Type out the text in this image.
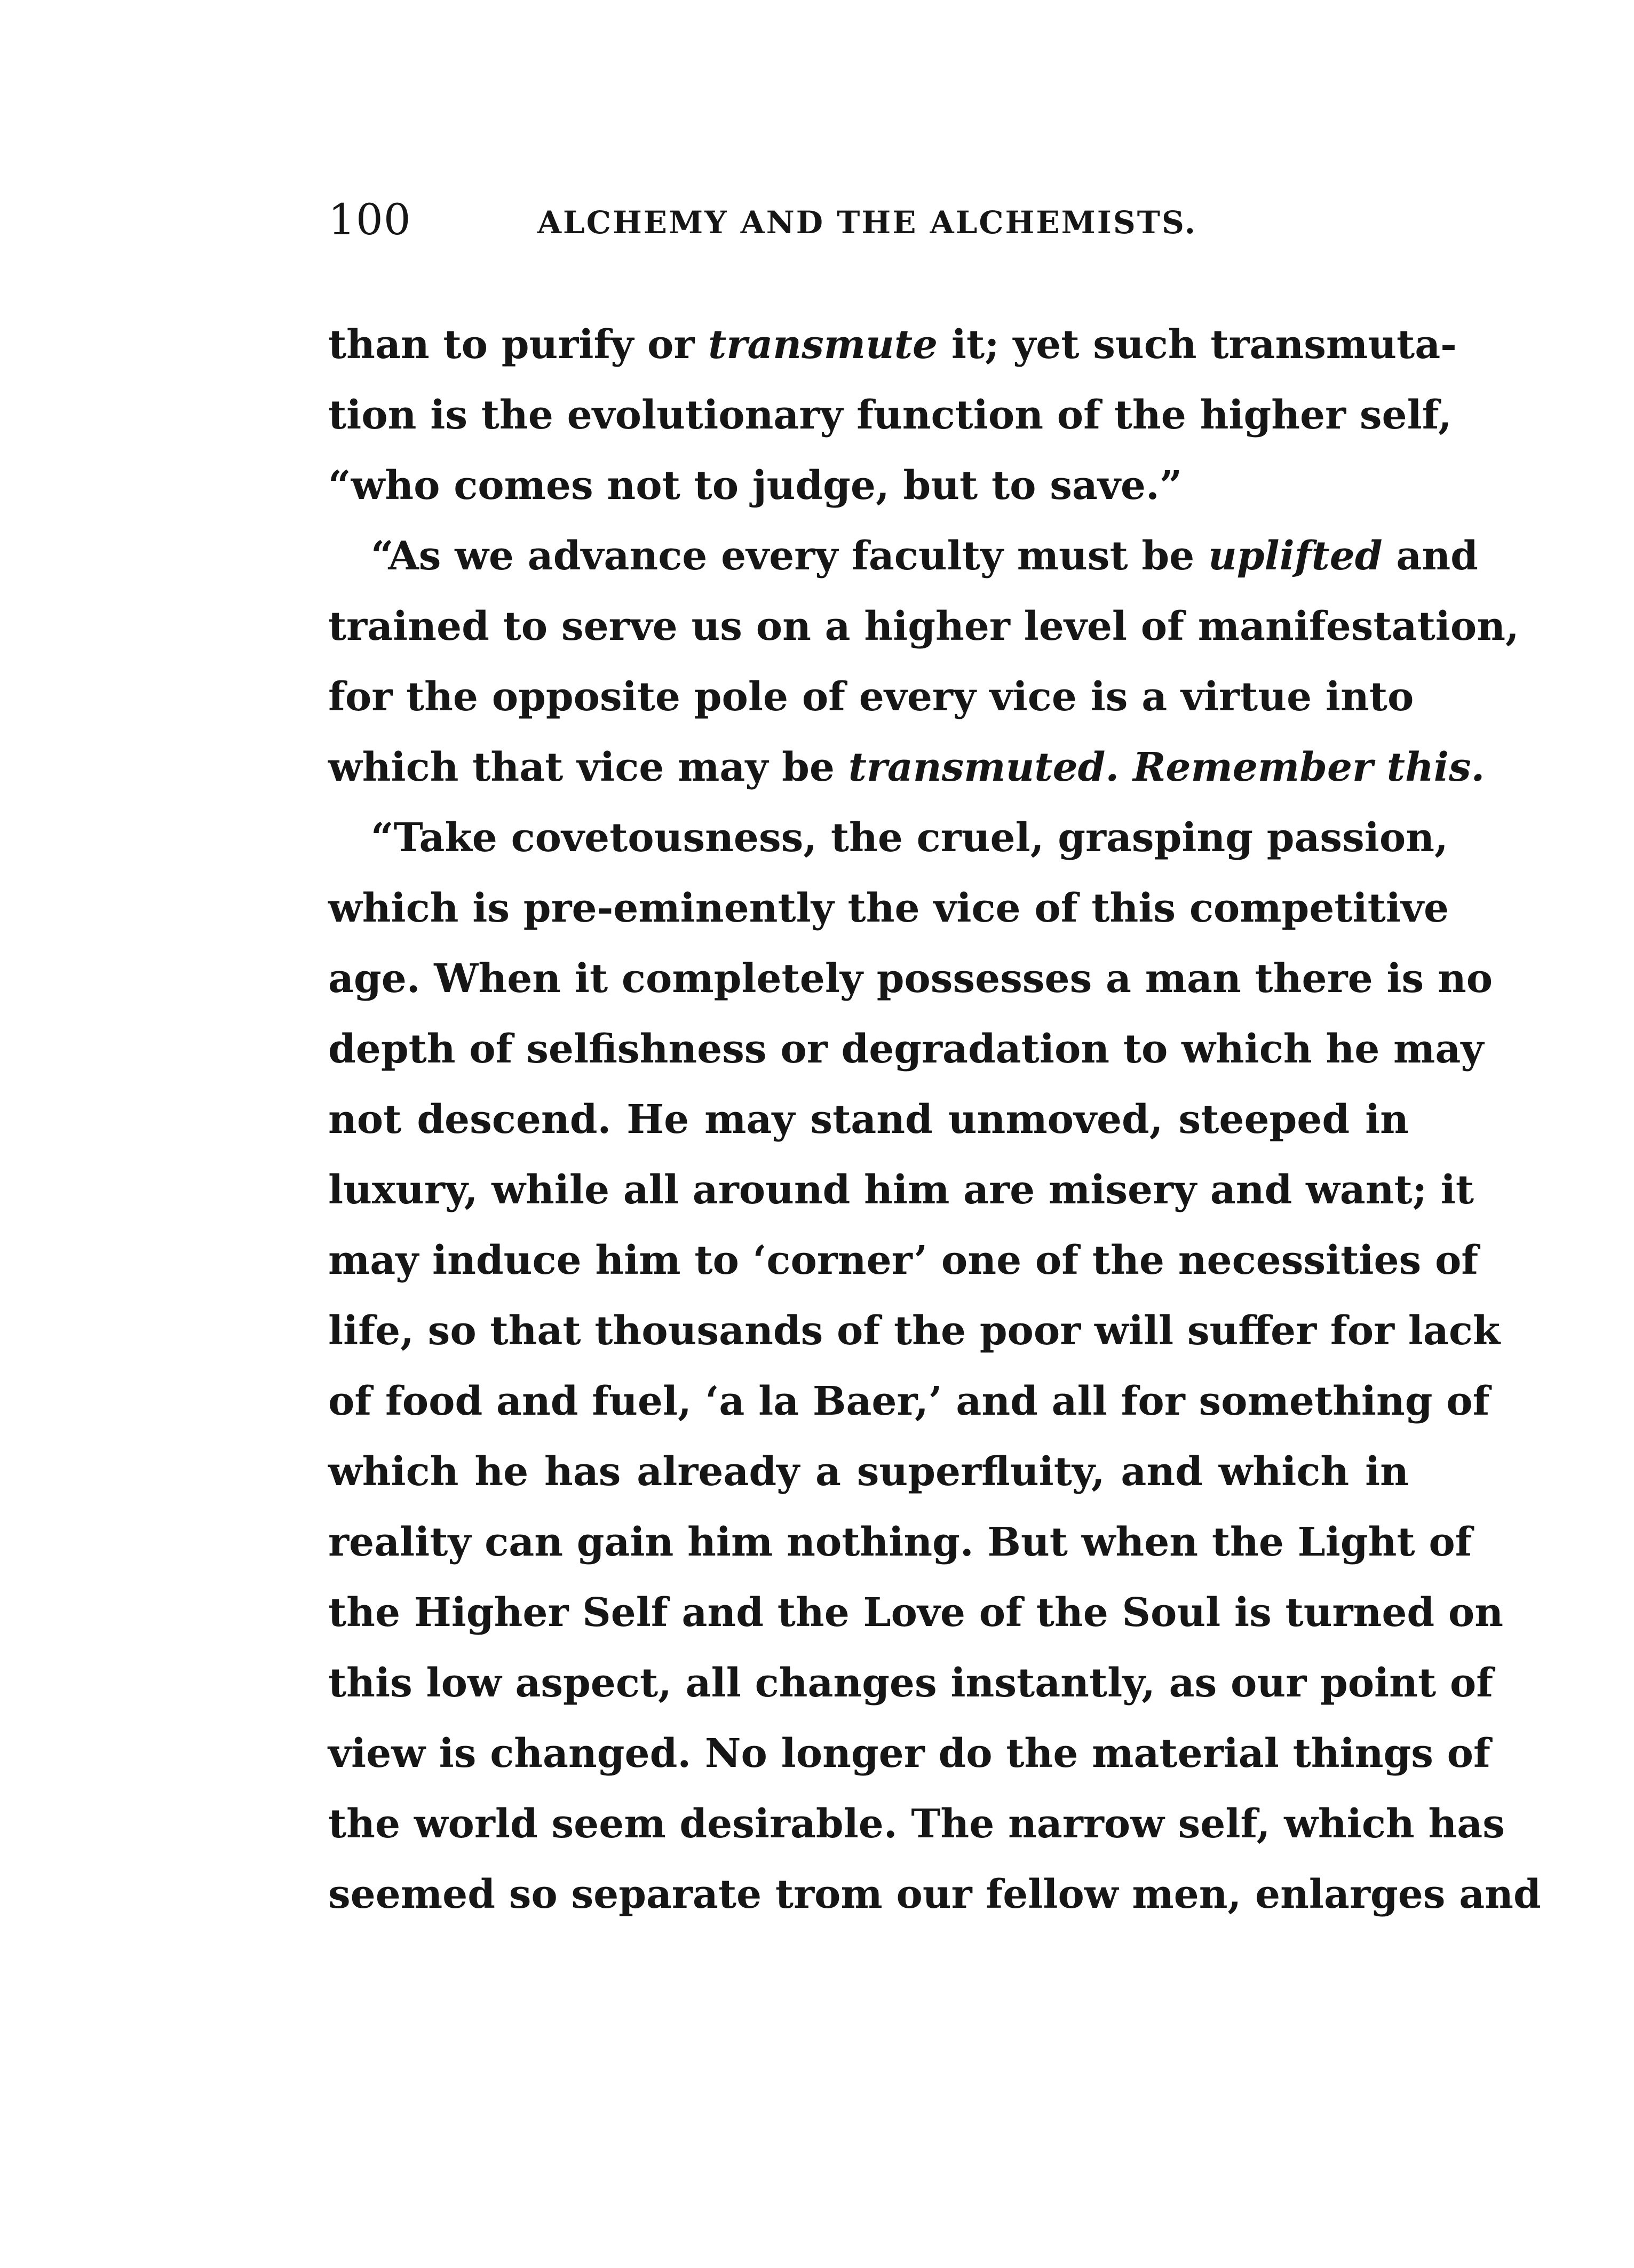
100	ALCHEMY AND THE ALCHEMISTS.
than to purify or transmute it; yet such transmuta-
tion is the evolutionary function of the higher self,
“who comes not to judge, but to save.”
“As we advance every faculty must be uplifted and
trained to serve us on a higher level of manifestation,
for the opposite pole of every vice is a virtue into
which that vice may be transmuted. Remember this.
“Take covetousness, the cruel, grasping passion,
which is pre-eminently the vice of this competitive
age. When it completely possesses a man there is no
depth of selfishness or degradation to which he may
not descend. He may stand unmoved, steeped in
luxury, while all around him are misery and want; it
may induce him to ‘corner’ one of the necessities of
life, so that thousands of the poor will suffer for lack
of food and fuel, ‘a la Baer,’ and all for something of
which he has already a superfluity, and which in
reality can gain him nothing. But when the Light of
the Higher Self and the Love of the Soul is turned on
this low aspect, all changes instantly, as our point of
view is changed. No longer do the material things of
the world seem desirable. The narrow self, which has
seemed so separate trom our fellow men, enlarges and
